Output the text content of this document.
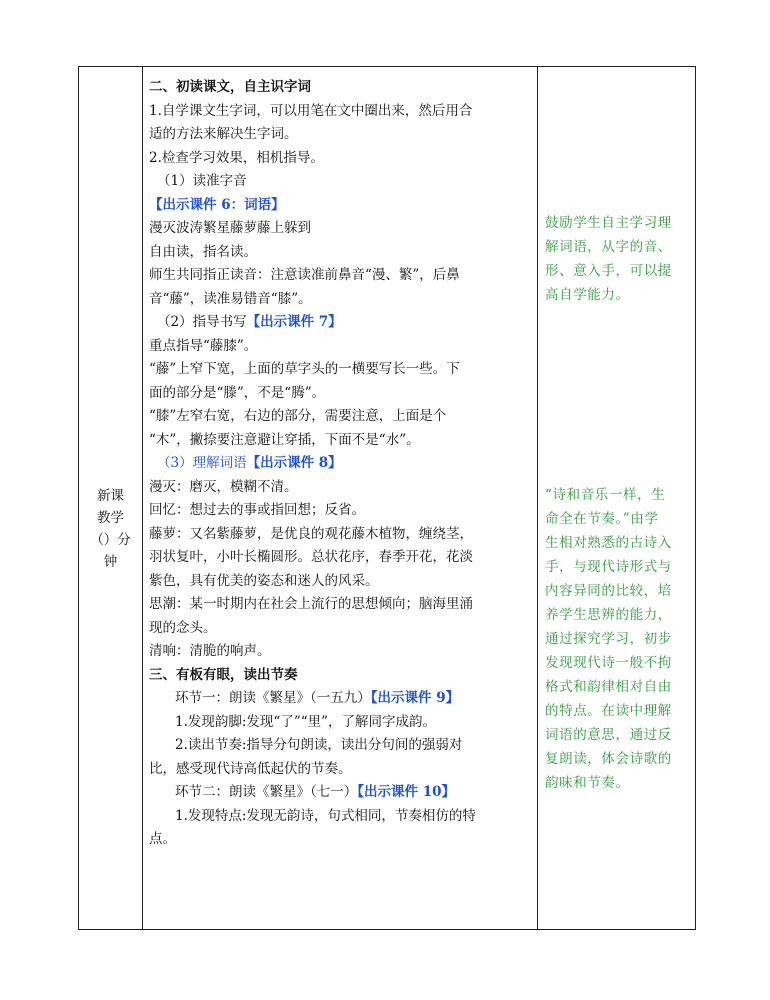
新课
教学
（）分
钟
二、初读课文，自主识字词
1.自学课文生字词，可以用笔在文中圈出来，然后用合
适的方法来解决生字词。
2.检查学习效果，相机指导。
（1）读准字音
【出示课件 6：词语】
漫灭波涛繁星藤萝藤上躲到
自由读，指名读。
师生共同指正读音：注意读准前鼻音“漫、繁”，后鼻
音“藤”，读准易错音“膝”。
（2）指导书写【出示课件 7】
重点指导“藤膝”。
“藤”上窄下宽，上面的草字头的一横要写长一些。下
面的部分是“滕”，不是“腾”。
“膝”左窄右宽，右边的部分，需要注意，上面是个
“木”，撇捺要注意避让穿插，下面不是“水”。
（3）理解词语【出示课件 8】
漫灭：磨灭，模糊不清。
回忆：想过去的事或指回想；反省。
藤萝：又名紫藤萝，是优良的观花藤木植物，缠绕茎，
羽状复叶，小叶长椭圆形。总状花序，春季开花，花淡
紫色，具有优美的姿态和迷人的风采。
思潮：某一时期内在社会上流行的思想倾向；脑海里涌
现的念头。
清响：清脆的响声。
三、有板有眼，读出节奏
环节一：朗读《繁星》（一五九）【出示课件 9】
1.发现韵脚:发现“了”“里”，了解同字成韵。
2.读出节奏:指导分句朗读，读出分句间的强弱对
比，感受现代诗高低起伏的节奏。
环节二：朗读《繁星》（七一）【出示课件 10】
1.发现特点:发现无韵诗，句式相同，节奏相仿的特
点。
鼓励学生自主学习理
解词语，从字的音、
形、意入手，可以提
高自学能力。
“诗和音乐一样，生
命全在节奏。”由学
生相对熟悉的古诗入
手，与现代诗形式与
内容异同的比较，培
养学生思辨的能力，
通过探究学习，初步
发现现代诗一般不拘
格式和韵律相对自由
的特点。在读中理解
词语的意思，通过反
复朗读，体会诗歌的
韵味和节奏。
